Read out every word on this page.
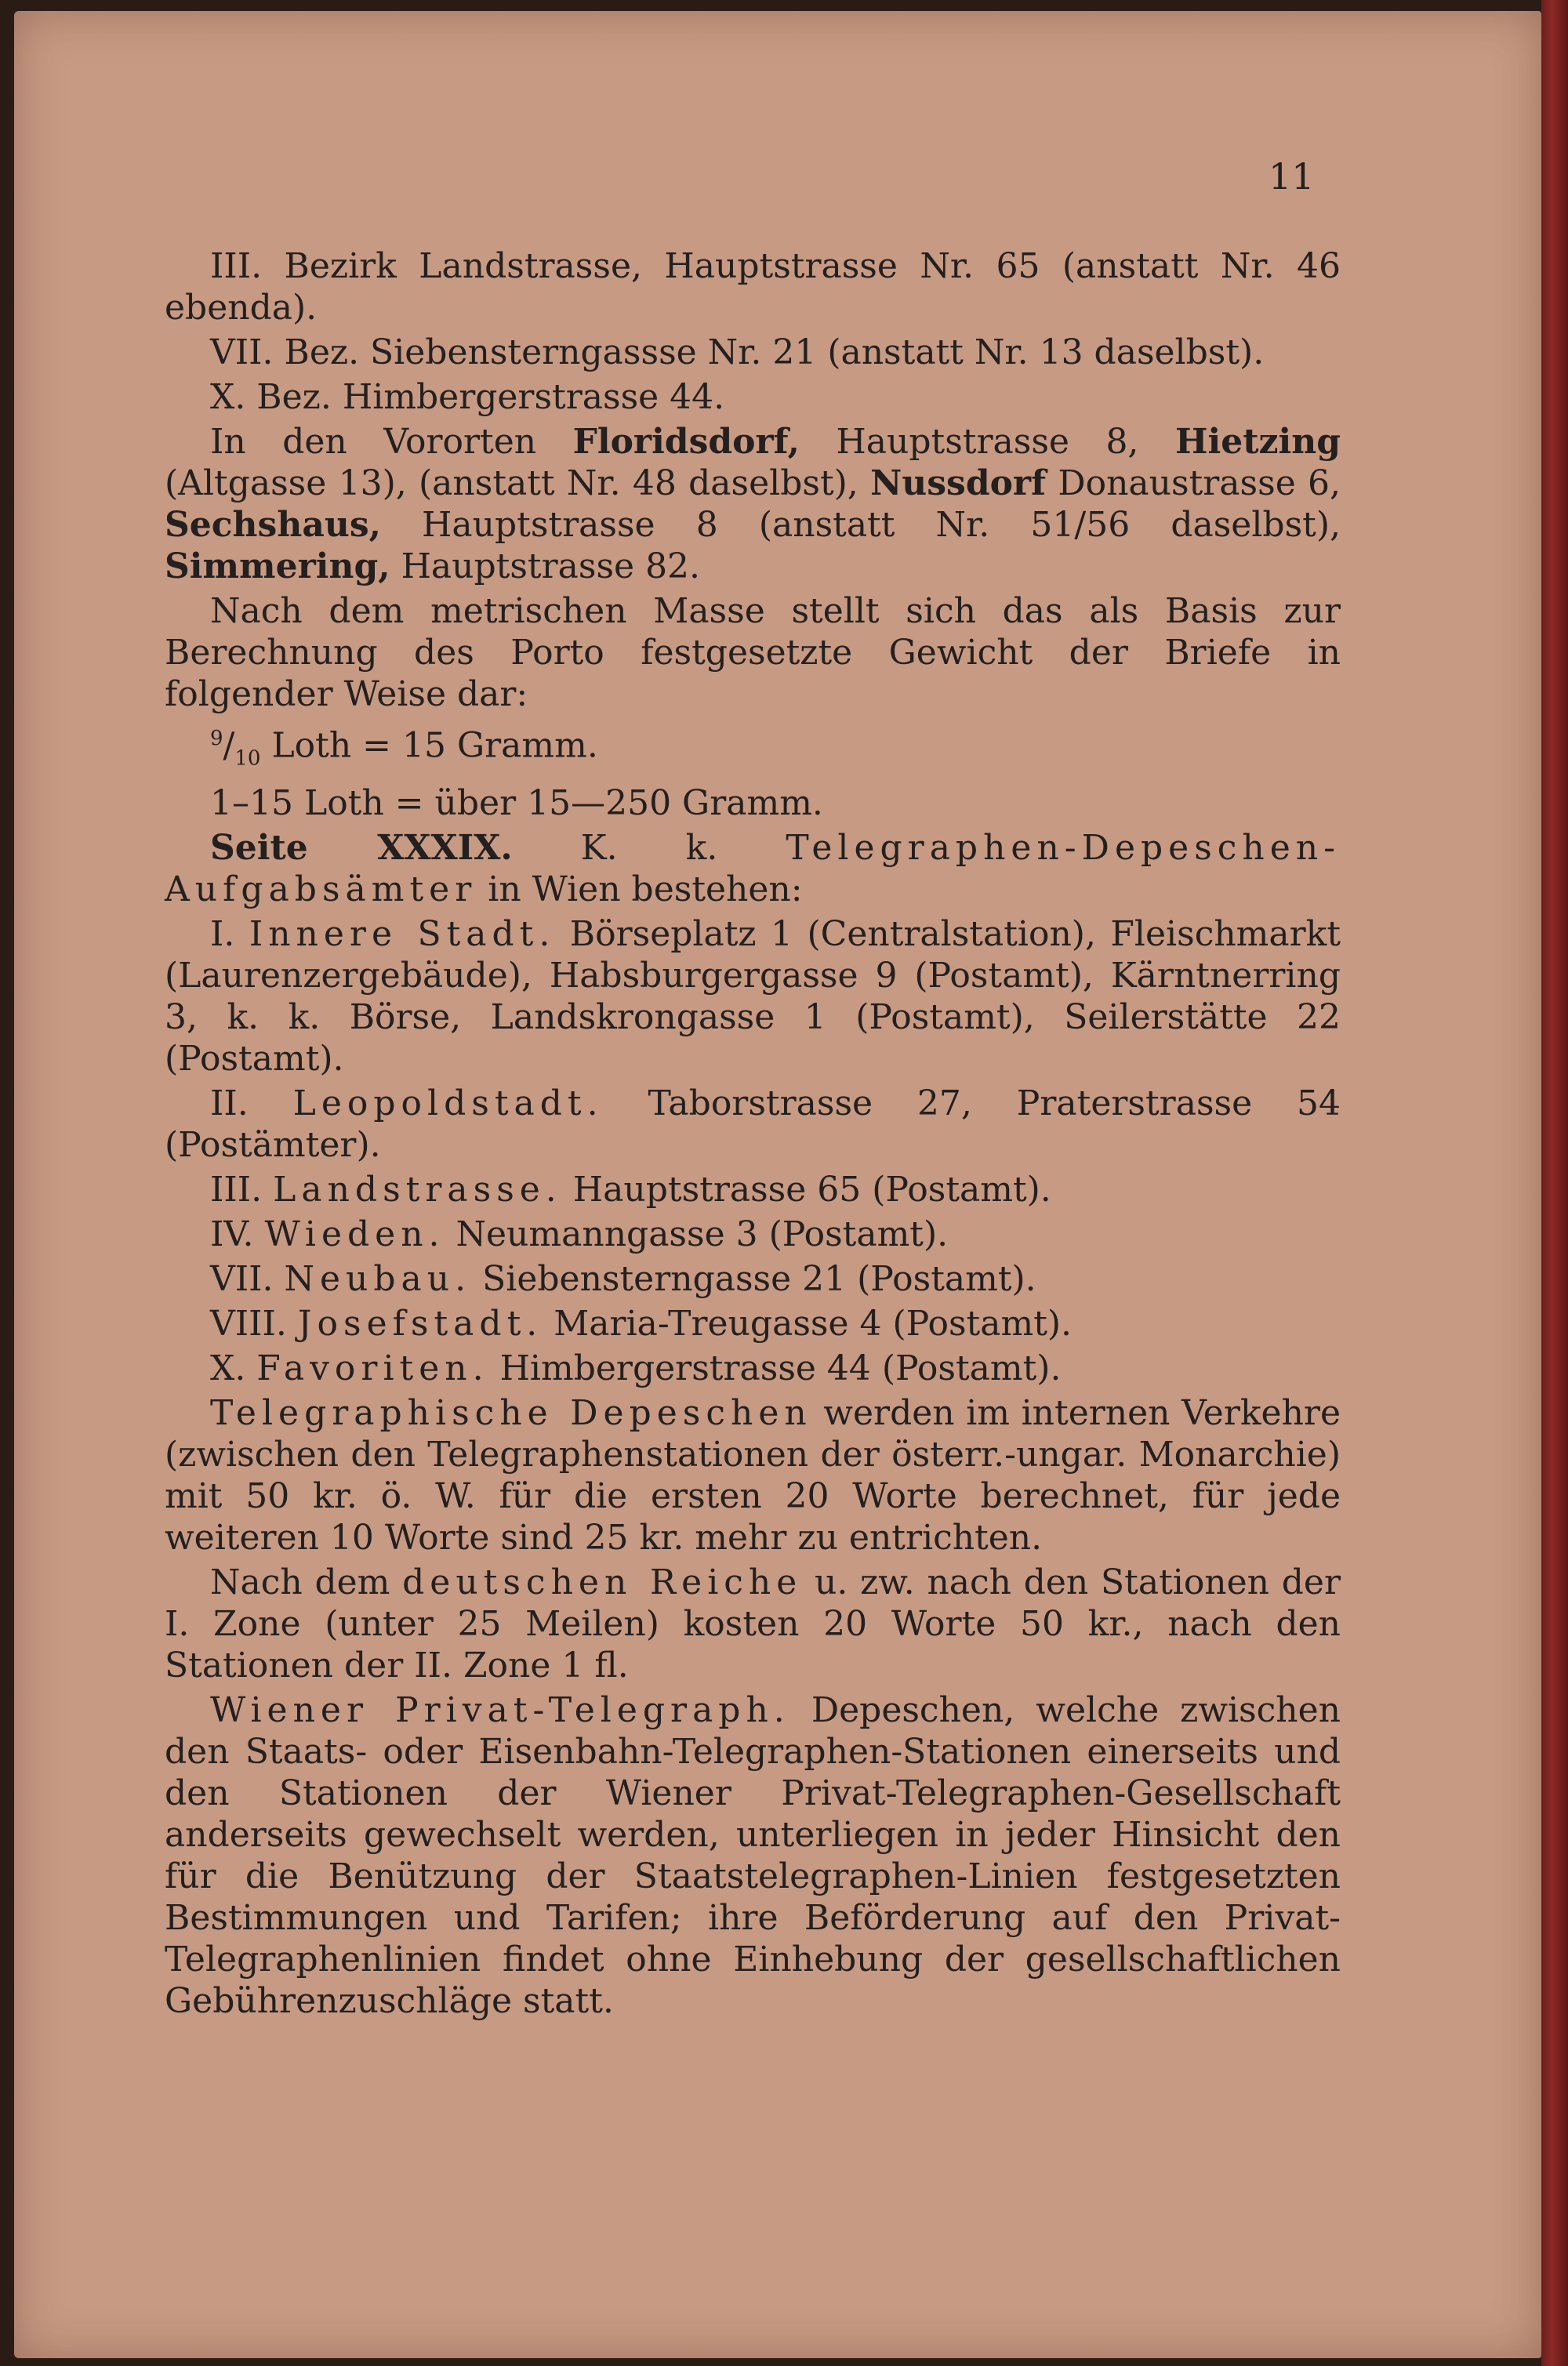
11

III. Bezirk Landstrasse, Hauptstrasse Nr. 65 (anstatt Nr. 46 ebenda).

VII. Bez. Siebensterngassse Nr. 21 (anstatt Nr. 13 daselbst).

X. Bez. Himbergerstrasse 44.

In den Vororten Floridsdorf, Hauptstrasse 8, Hietzing (Altgasse 13), (anstatt Nr. 48 daselbst), Nussdorf Donaustrasse 6, Sechshaus, Hauptstrasse 8 (anstatt Nr. 51/56 daselbst), Simmering, Hauptstrasse 82.

Nach dem metrischen Masse stellt sich das als Basis zur Berechnung des Porto festgesetzte Gewicht der Briefe in folgender Weise dar:

$^9/_{10}$ Loth = 15 Gramm.

1–15 Loth = über 15—250 Gramm.

Seite XXXIX. K. k. Telegraphen-Depeschen-Aufgabsämter in Wien bestehen:

I. Innere Stadt. Börseplatz 1 (Centralstation), Fleischmarkt (Laurenzergebäude), Habsburgergasse 9 (Postamt), Kärntnerring 3, k. k. Börse, Landskrongasse 1 (Postamt), Seilerstätte 22 (Postamt).

II. Leopoldstadt. Taborstrasse 27, Praterstrasse 54 (Postämter).

III. Landstrasse. Hauptstrasse 65 (Postamt).

IV. Wieden. Neumanngasse 3 (Postamt).

VII. Neubau. Siebensterngasse 21 (Postamt).

VIII. Josefstadt. Maria-Treugasse 4 (Postamt).

X. Favoriten. Himbergerstrasse 44 (Postamt).

Telegraphische Depeschen werden im internen Verkehre (zwischen den Telegraphenstationen der österr.-ungar. Monarchie) mit 50 kr. ö. W. für die ersten 20 Worte berechnet, für jede weiteren 10 Worte sind 25 kr. mehr zu entrichten.

Nach dem deutschen Reiche u. zw. nach den Stationen der I. Zone (unter 25 Meilen) kosten 20 Worte 50 kr., nach den Stationen der II. Zone 1 fl.

Wiener Privat-Telegraph. Depeschen, welche zwischen den Staats- oder Eisenbahn-Telegraphen-Stationen einerseits und den Stationen der Wiener Privat-Telegraphen-Gesellschaft anderseits gewechselt werden, unterliegen in jeder Hinsicht den für die Benützung der Staatstelegraphen-Linien festgesetzten Bestimmungen und Tarifen; ihre Beförderung auf den Privat-Telegraphenlinien findet ohne Einhebung der gesellschaftlichen Gebührenzuschläge statt.
